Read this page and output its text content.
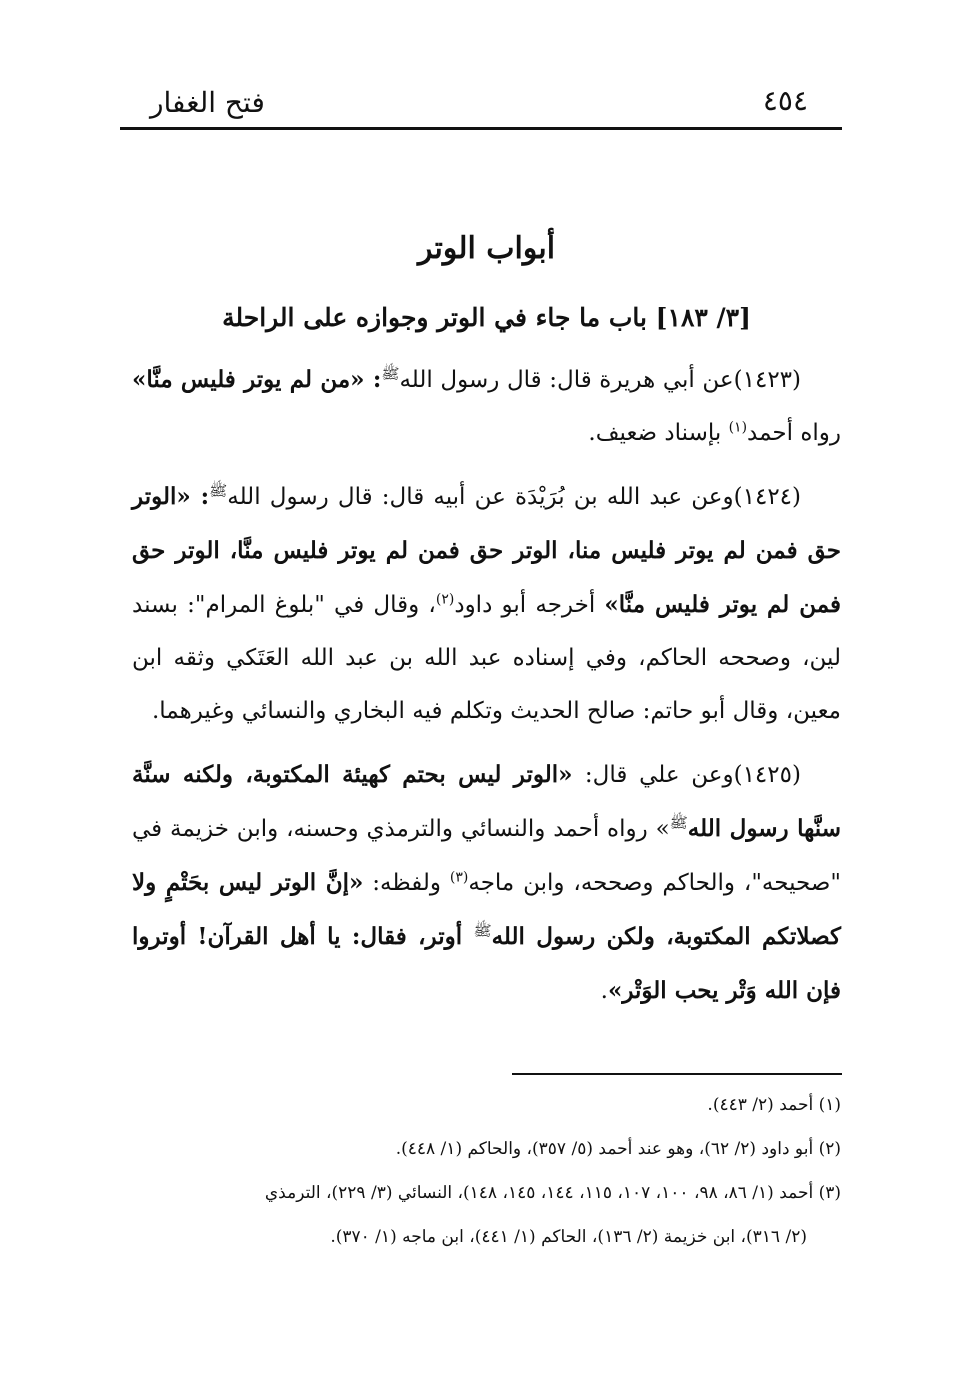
فتح الغفار	٤٥٤
أبواب الوتر
[٣/ ١٨٣] باب ما جاء في الوتر وجوازه على الراحلة

(١٤٢٣)عن أبي هريرة قال: قال رسول الله$^ﷺ$: «من لم يوتر فليس منَّا» رواه أحمد$^{(١)}$ بإسناد ضعيف.

(١٤٢٤)وعن عبد الله بن بُرَيْدَة عن أبيه قال: قال رسول الله$^ﷺ$: «الوتر حق فمن لم يوتر فليس منا، الوتر حق فمن لم يوتر فليس منَّا، الوتر حق فمن لم يوتر فليس منَّا» أخرجه أبو داود$^{(٢)}$، وقال في "بلوغ المرام": بسند لين، وصححه الحاكم، وفي إسناده عبد الله بن عبد الله العَتَكي وثقه ابن معين، وقال أبو حاتم: صالح الحديث وتكلم فيه البخاري والنسائي وغيرهما.

(١٤٢٥)وعن علي قال: «الوتر ليس بحتم كهيئة المكتوبة، ولكنه سنَّة سنَّها رسول الله$^ﷺ$» رواه أحمد والنسائي والترمذي وحسنه، وابن خزيمة في "صحيحه"، والحاكم وصححه، وابن ماجه$^{(٣)}$ ولفظه: «إنَّ الوتر ليس بحَتْمٍ ولا كصلاتكم المكتوبة، ولكن رسول الله$^ﷺ$ أوتر، فقال: يا أهل القرآن! أوتروا فإن الله وَتْر يحب الوَتْر».

(١) أحمد (٢/ ٤٤٣).

(٢) أبو داود (٢/ ٦٢)، وهو عند أحمد (٥/ ٣٥٧)، والحاكم (١/ ٤٤٨).

(٣) أحمد (١/ ٨٦، ٩٨، ١٠٠، ١٠٧، ١١٥، ١٤٤، ١٤٥، ١٤٨)، النسائي (٣/ ٢٢٩)، الترمذي

(٢/ ٣١٦)، ابن خزيمة (٢/ ١٣٦)، الحاكم (١/ ٤٤١)، ابن ماجه (١/ ٣٧٠).
